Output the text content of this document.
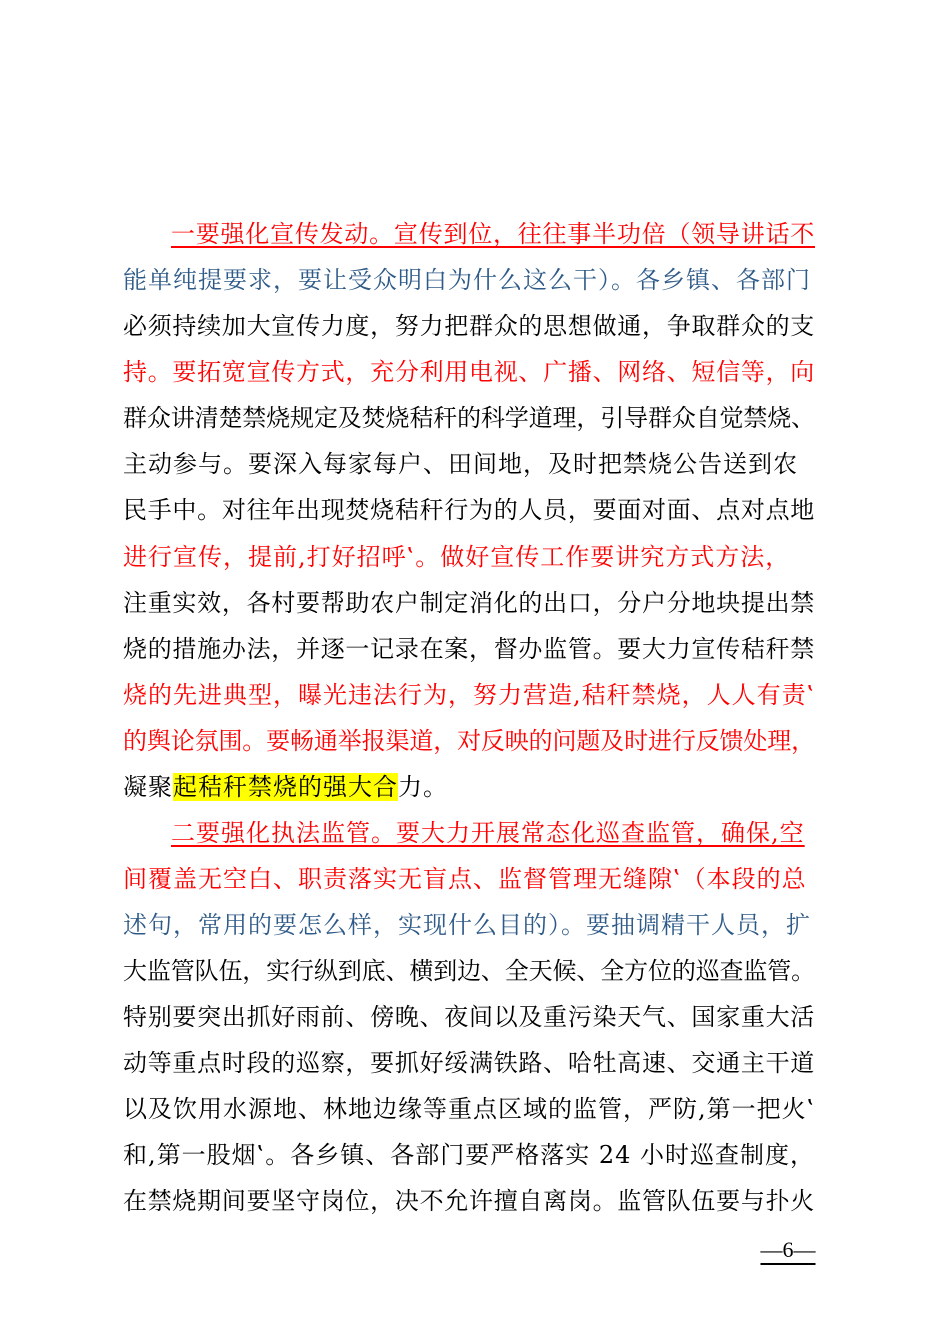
一要强化宣传发动。宣传到位，往往事半功倍（领导讲话不
能单纯提要求，要让受众明白为什么这么干）。各乡镇、各部门
必须持续加大宣传力度，努力把群众的思想做通，争取群众的支
持。要拓宽宣传方式，充分利用电视、广播、网络、短信等，向
群众讲清楚禁烧规定及焚烧秸秆的科学道理，引导群众自觉禁烧、
主动参与。要深入每家每户、田间地，及时把禁烧公告送到农
民手中。对往年出现焚烧秸秆行为的人员，要面对面、点对点地
进行宣传，提前,打好招呼‛。做好宣传工作要讲究方式方法，
注重实效，各村要帮助农户制定消化的出口，分户分地块提出禁
烧的措施办法，并逐一记录在案，督办监管。要大力宣传秸秆禁
烧的先进典型，曝光违法行为，努力营造,秸秆禁烧，人人有责‛
的舆论氛围。要畅通举报渠道，对反映的问题及时进行反馈处理，
凝聚起秸秆禁烧的强大合力。
二要强化执法监管。要大力开展常态化巡查监管，确保,空
间覆盖无空白、职责落实无盲点、监督管理无缝隙‛（本段的总
述句，常用的要怎么样，实现什么目的）。要抽调精干人员，扩
大监管队伍，实行纵到底、横到边、全天候、全方位的巡查监管。
特别要突出抓好雨前、傍晚、夜间以及重污染天气、国家重大活
动等重点时段的巡察，要抓好绥满铁路、哈牡高速、交通主干道
以及饮用水源地、林地边缘等重点区域的监管，严防,第一把火‛
和,第一股烟‛。各乡镇、各部门要严格落实 24 小时巡查制度，
在禁烧期间要坚守岗位，决不允许擅自离岗。监管队伍要与扑火
—6—
